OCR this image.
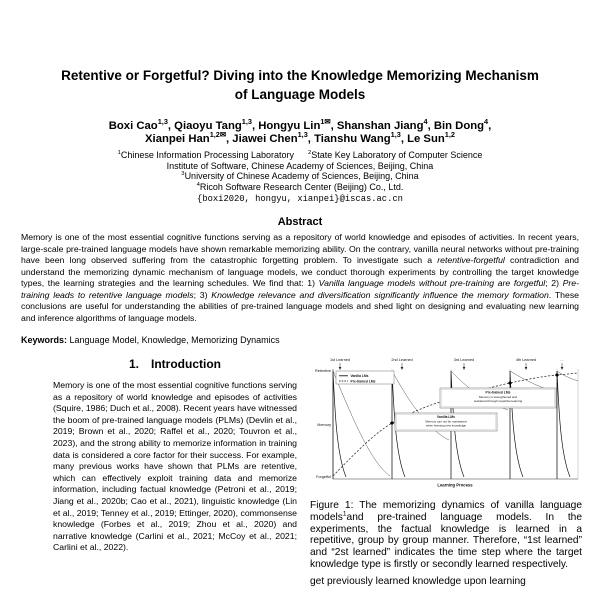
Retentive or Forgetful? Diving into the Knowledge Memorizing Mechanism of Language Models
Boxi Cao$^{1,3}$, Qiaoyu Tang$^{1,3}$, Hongyu Lin$^{1✉}$, Shanshan Jiang$^4$, Bin Dong$^4$,
Xianpei Han$^{1,2✉}$, Jiawei Chen$^{1,3}$, Tianshu Wang$^{1,3}$, Le Sun$^{1,2}$
$^1$Chinese Information Processing Laboratory $^2$State Key Laboratory of Computer Science
Institute of Software, Chinese Academy of Sciences, Beijing, China
$^3$University of Chinese Academy of Sciences, Beijing, China
$^4$Ricoh Software Research Center (Beijing) Co., Ltd.
{boxi2020, hongyu, xianpei}@iscas.ac.cn
Abstract
Memory is one of the most essential cognitive functions serving as a repository of world knowledge and episodes of activities. In recent years, large-scale pre-trained language models have shown remarkable memorizing ability. On the contrary, vanilla neural networks without pre-training have been long observed suffering from the catastrophic forgetting problem. To investigate such a retentive-forgetful contradiction and understand the memorizing dynamic mechanism of language models, we conduct thorough experiments by controlling the target knowledge types, the learning strategies and the learning schedules. We find that: 1) Vanilla language models without pre-training are forgetful; 2) Pre-training leads to retentive language models; 3) Knowledge relevance and diversification significantly influence the memory formation. These conclusions are useful for understanding the abilities of pre-trained language models and shed light on designing and evaluating new learning and inference algorithms of language models.
Keywords: Language Model, Knowledge, Memorizing Dynamics
1. Introduction
Memory is one of the most essential cognitive functions serving as a repository of world knowledge and episodes of activities (Squire, 1986; Duch et al., 2008). Recent years have witnessed the boom of pre-trained language models (PLMs) (Devlin et al., 2019; Brown et al., 2020; Raffel et al., 2020; Touvron et al., 2023), and the strong ability to memorize information in training data is considered a core factor for their success. For example, many previous works have shown that PLMs are retentive, which can effectively exploit training data and memorize information, including factual knowledge (Petroni et al., 2019; Jiang et al., 2020b; Cao et al., 2021), linguistic knowledge (Lin et al., 2019; Tenney et al., 2019; Ettinger, 2020), commonsense knowledge (Forbes et al., 2019; Zhou et al., 2020) and narrative knowledge (Carlini et al., 2021; McCoy et al., 2021; Carlini et al., 2022).
1st Learned	2nd Learned	3rd Learned	4th Learned	...
Vanilla LMs
Pre-trained LMs
Pre-trained LMs
Memory is strengthened and
sustained through repetitive learning
Vanilla LMs
Memory can not be maintained
when learning new knowledge
Retentive
Memory
Forgetful
Learning Process
Figure 1: The memorizing dynamics of vanilla language models$^1$and pre-trained language models. In the experiments, the factual knowledge is learned in a repetitive, group by group manner. Therefore, “1st learned” and “2st learned” indicates the time step where the target knowledge type is firstly or secondly learned respectively.
get previously learned knowledge upon learning
